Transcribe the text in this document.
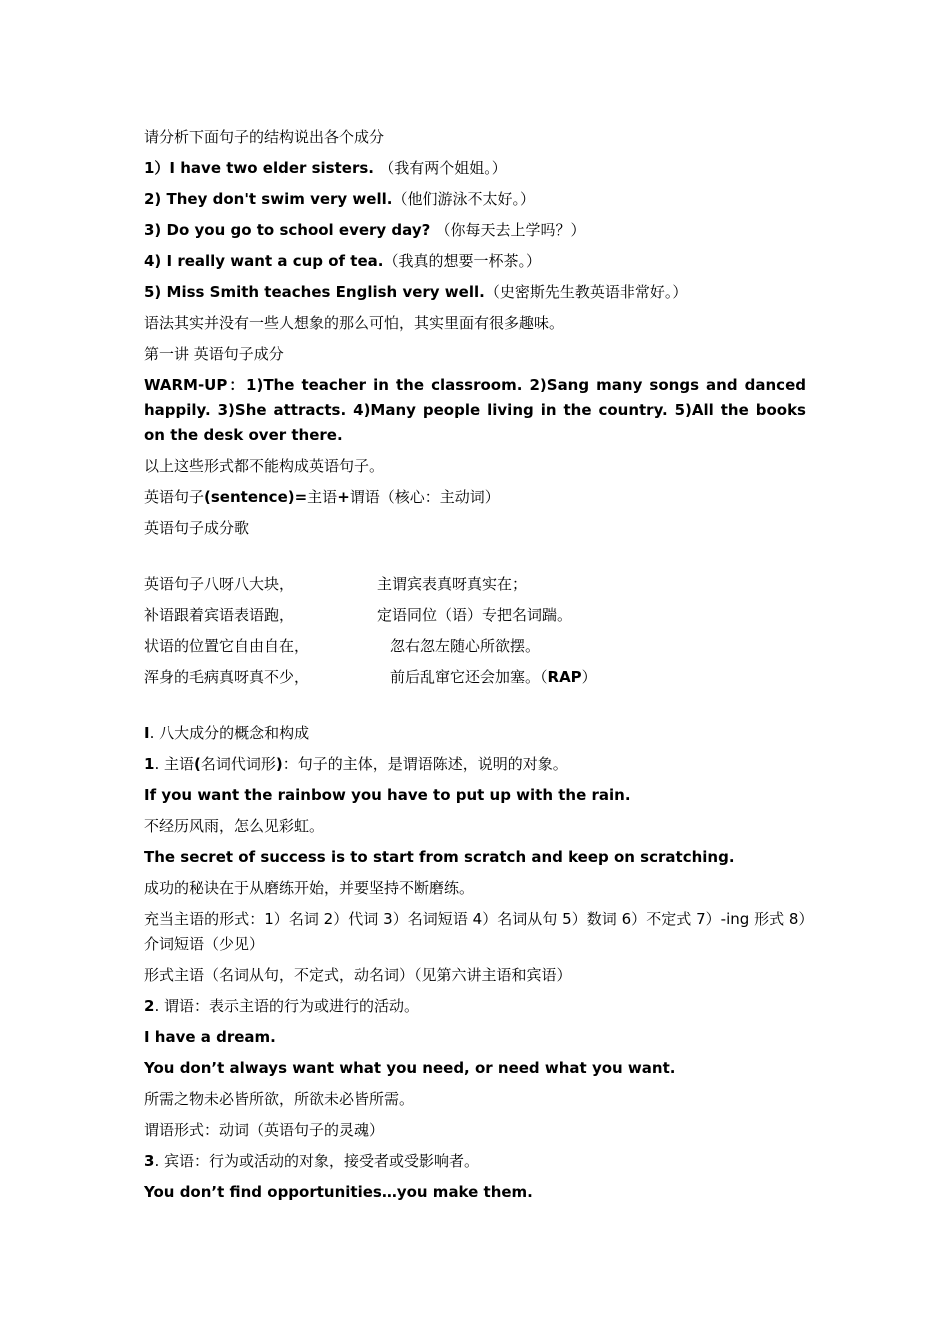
请分析下面句子的结构说出各个成分
1）I have two elder sisters. （我有两个姐姐。）
2) They don't swim very well.（他们游泳不太好。）
3) Do you go to school every day? （你每天去上学吗？）
4) I really want a cup of tea.（我真的想要一杯茶。）
5) Miss Smith teaches English very well.（史密斯先生教英语非常好。）
语法其实并没有一些人想象的那么可怕，其实里面有很多趣味。
第一讲 英语句子成分
WARM-UP：1)The teacher in the classroom. 2)Sang many songs and danced happily. 3)She attracts. 4)Many people living in the country. 5)All the books on the desk over there.
以上这些形式都不能构成英语句子。
英语句子(sentence)=主语+谓语（核心：主动词）
英语句子成分歌
英语句子八呀八大块，	主谓宾表真呀真实在；
补语跟着宾语表语跑，	定语同位（语）专把名词踹。
状语的位置它自由自在，	忽右忽左随心所欲摆。
浑身的毛病真呀真不少，	前后乱窜它还会加塞。（RAP）
I. 八大成分的概念和构成
1. 主语(名词代词形)：句子的主体，是谓语陈述，说明的对象。
If you want the rainbow you have to put up with the rain.
不经历风雨，怎么见彩虹。
The secret of success is to start from scratch and keep on scratching.
成功的秘诀在于从磨练开始，并要坚持不断磨练。
充当主语的形式：1）名词 2）代词 3）名词短语 4）名词从句 5）数词 6）不定式 7）-ing 形式 8）介词短语（少见）
形式主语（名词从句，不定式，动名词）（见第六讲主语和宾语）
2. 谓语：表示主语的行为或进行的活动。
I have a dream.
You don’t always want what you need, or need what you want.
所需之物未必皆所欲，所欲未必皆所需。
谓语形式：动词（英语句子的灵魂）
3. 宾语：行为或活动的对象，接受者或受影响者。
You don’t find opportunities…you make them.
